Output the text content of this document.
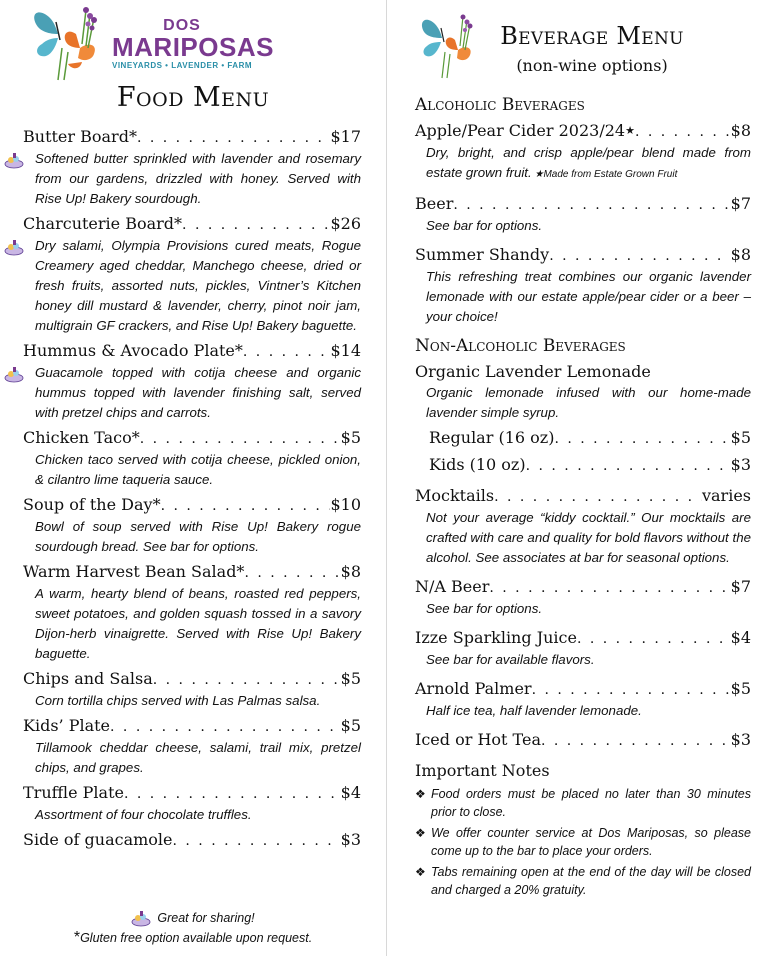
DOS
MARIPOSAS
VINEYARDS • LAVENDER • FARM
Food Menu
Butter Board* . . .	$17
Softened butter sprinkled with lavender and rosemary from our gardens, drizzled with honey. Served with Rise Up! Bakery sourdough.
Charcuterie Board* . . .	$26
Dry salami, Olympia Provisions cured meats, Rogue Creamery aged cheddar, Manchego cheese, dried or fresh fruits, assorted nuts, pickles, Vintner’s Kitchen honey dill mustard & lavender, cherry, pinot noir jam, multigrain GF crackers, and Rise Up! Bakery baguette.
Hummus & Avocado Plate* . . .	$14
Guacamole topped with cotija cheese and organic hummus topped with lavender finishing salt, served with pretzel chips and carrots.
Chicken Taco* . . .	$5
Chicken taco served with cotija cheese, pickled onion, & cilantro lime taqueria sauce.
Soup of the Day* . . .	$10
Bowl of soup served with Rise Up! Bakery rogue sourdough bread. See bar for options.
Warm Harvest Bean Salad* . . .	$8
A warm, hearty blend of beans, roasted red peppers, sweet potatoes, and golden squash tossed in a savory Dijon-herb vinaigrette. Served with Rise Up! Bakery baguette.
Chips and Salsa . . .	$5
Corn tortilla chips served with Las Palmas salsa.
Kids’ Plate . . .	$5
Tillamook cheddar cheese, salami, trail mix, pretzel chips, and grapes.
Truffle Plate . . .	$4
Assortment of four chocolate truffles.
Side of guacamole . . .	$3
Great for sharing!
*Gluten free option available upon request.
Beverage Menu
(non-wine options)
Alcoholic Beverages
Apple/Pear Cider 2023/24★ . . .	$8
Dry, bright, and crisp apple/pear blend made from estate grown fruit. ★Made from Estate Grown Fruit
Beer . . .	$7
See bar for options.
Summer Shandy . . .	$8
This refreshing treat combines our organic lavender lemonade with our estate apple/pear cider or a beer – your choice!
Non-Alcoholic Beverages
Organic Lavender Lemonade
Organic lemonade infused with our home-made lavender simple syrup.
Regular (16 oz) . . .	$5
Kids (10 oz) . . .	$3
Mocktails . . .	varies
Not your average “kiddy cocktail.” Our mocktails are crafted with care and quality for bold flavors without the alcohol. See associates at bar for seasonal options.
N/A Beer . . .	$7
See bar for options.
Izze Sparkling Juice . . .	$4
See bar for available flavors.
Arnold Palmer . . .	$5
Half ice tea, half lavender lemonade.
Iced or Hot Tea . . .	$3
Important Notes
❖ Food orders must be placed no later than 30 minutes prior to close.
❖ We offer counter service at Dos Mariposas, so please come up to the bar to place your orders.
❖ Tabs remaining open at the end of the day will be closed and charged a 20% gratuity.
